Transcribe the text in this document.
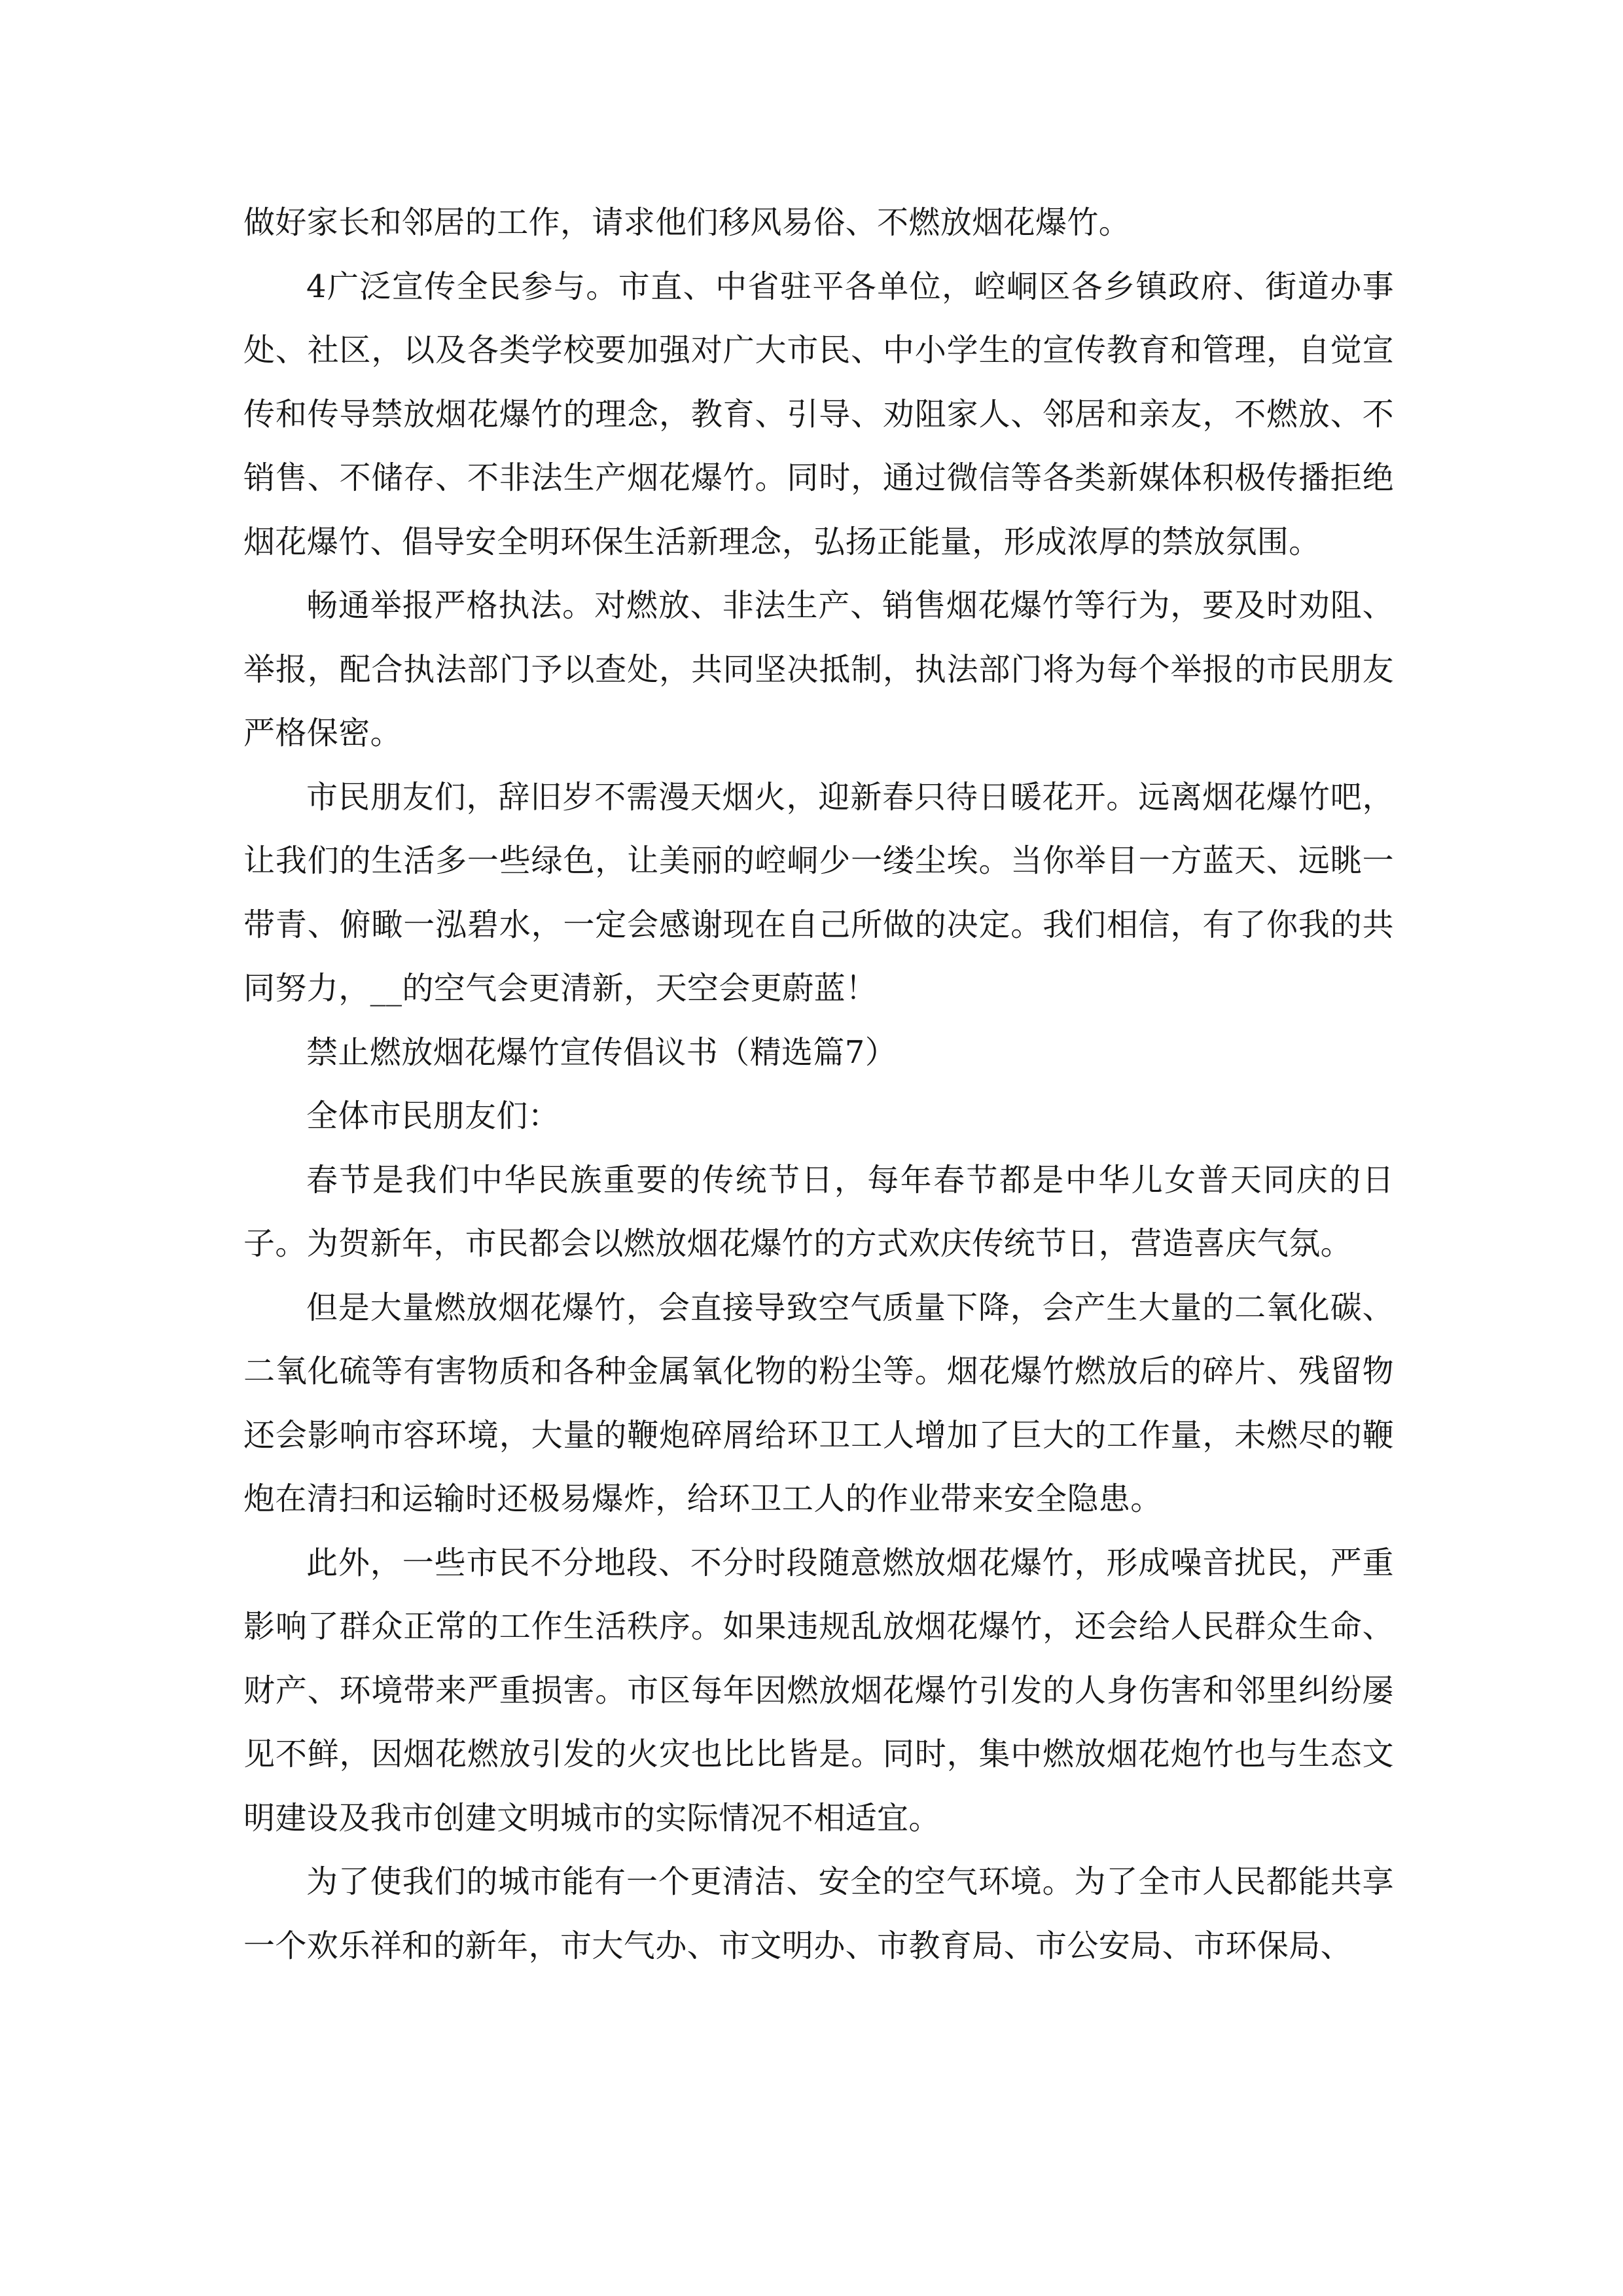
做好家长和邻居的工作，请求他们移风易俗、不燃放烟花爆竹。

4广泛宣传全民参与。市直、中省驻平各单位，崆峒区各乡镇政府、街道办事处、社区，以及各类学校要加强对广大市民、中小学生的宣传教育和管理，自觉宣传和传导禁放烟花爆竹的理念，教育、引导、劝阻家人、邻居和亲友，不燃放、不销售、不储存、不非法生产烟花爆竹。同时，通过微信等各类新媒体积极传播拒绝烟花爆竹、倡导安全明环保生活新理念，弘扬正能量，形成浓厚的禁放氛围。

畅通举报严格执法。对燃放、非法生产、销售烟花爆竹等行为，要及时劝阻、举报，配合执法部门予以查处，共同坚决抵制，执法部门将为每个举报的市民朋友严格保密。

市民朋友们，辞旧岁不需漫天烟火，迎新春只待日暖花开。远离烟花爆竹吧，让我们的生活多一些绿色，让美丽的崆峒少一缕尘埃。当你举目一方蓝天、远眺一带青、俯瞰一泓碧水，一定会感谢现在自己所做的决定。我们相信，有了你我的共同努力，__的空气会更清新，天空会更蔚蓝！

禁止燃放烟花爆竹宣传倡议书（精选篇7）

全体市民朋友们：

春节是我们中华民族重要的传统节日，每年春节都是中华儿女普天同庆的日子。为贺新年，市民都会以燃放烟花爆竹的方式欢庆传统节日，营造喜庆气氛。

但是大量燃放烟花爆竹，会直接导致空气质量下降，会产生大量的二氧化碳、二氧化硫等有害物质和各种金属氧化物的粉尘等。烟花爆竹燃放后的碎片、残留物还会影响市容环境，大量的鞭炮碎屑给环卫工人增加了巨大的工作量，未燃尽的鞭炮在清扫和运输时还极易爆炸，给环卫工人的作业带来安全隐患。

此外，一些市民不分地段、不分时段随意燃放烟花爆竹，形成噪音扰民，严重影响了群众正常的工作生活秩序。如果违规乱放烟花爆竹，还会给人民群众生命、财产、环境带来严重损害。市区每年因燃放烟花爆竹引发的人身伤害和邻里纠纷屡见不鲜，因烟花燃放引发的火灾也比比皆是。同时，集中燃放烟花炮竹也与生态文明建设及我市创建文明城市的实际情况不相适宜。

为了使我们的城市能有一个更清洁、安全的空气环境。为了全市人民都能共享一个欢乐祥和的新年，市大气办、市文明办、市教育局、市公安局、市环保局、
